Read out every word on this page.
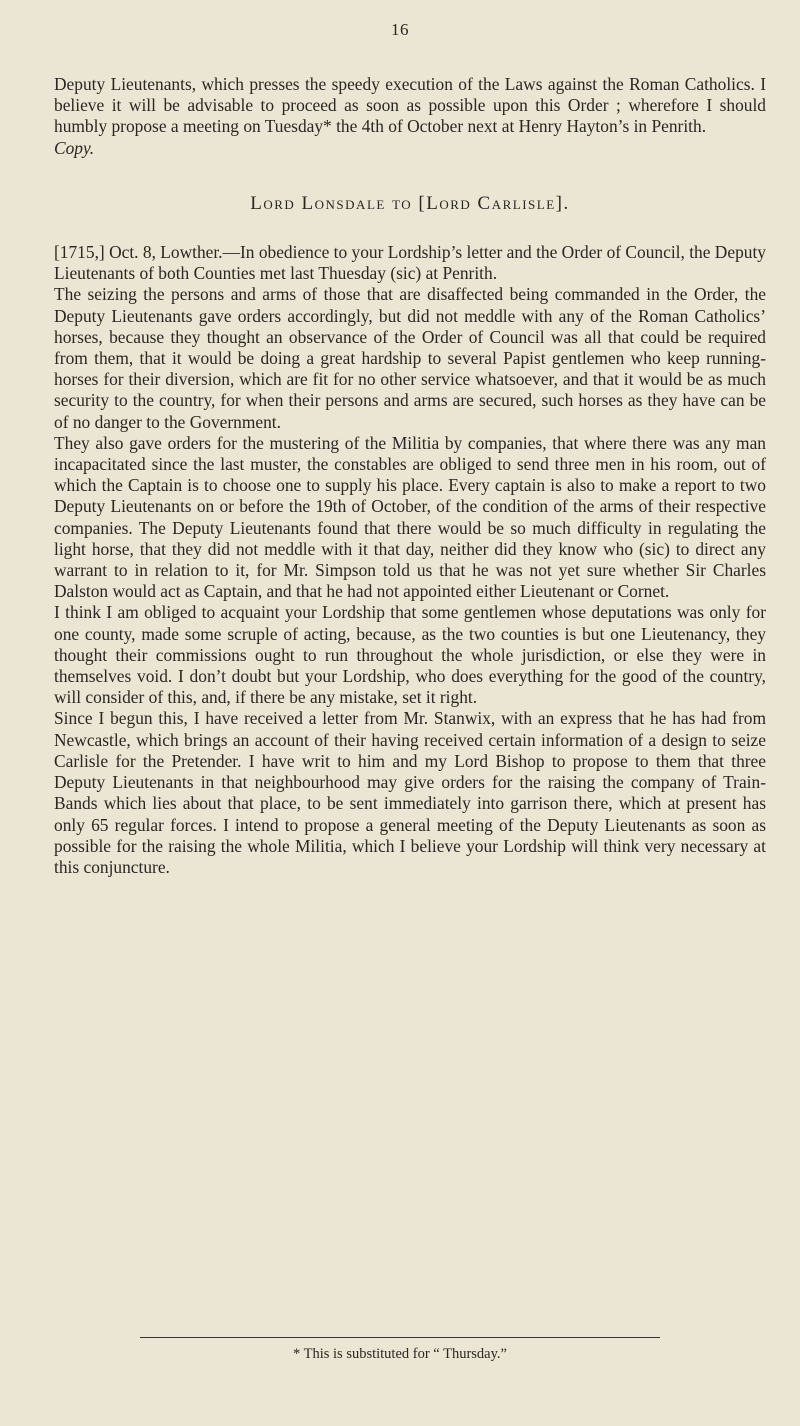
16

Deputy Lieutenants, which presses the speedy execution of the Laws against the Roman Catholics. I believe it will be advisable to proceed as soon as possible upon this Order ; wherefore I should humbly propose a meeting on Tuesday* the 4th of October next at Henry Hayton’s in Penrith.

Copy.

Lord Lonsdale to [Lord Carlisle].

[1715,] Oct. 8, Lowther.—In obedience to your Lordship’s letter and the Order of Council, the Deputy Lieutenants of both Counties met last Thuesday (sic) at Penrith.

The seizing the persons and arms of those that are disaffected being commanded in the Order, the Deputy Lieutenants gave orders accordingly, but did not meddle with any of the Roman Catholics’ horses, because they thought an observance of the Order of Council was all that could be required from them, that it would be doing a great hardship to several Papist gentlemen who keep running-horses for their diversion, which are fit for no other service whatsoever, and that it would be as much security to the country, for when their persons and arms are secured, such horses as they have can be of no danger to the Government.

They also gave orders for the mustering of the Militia by companies, that where there was any man incapacitated since the last muster, the constables are obliged to send three men in his room, out of which the Captain is to choose one to supply his place. Every captain is also to make a report to two Deputy Lieutenants on or before the 19th of October, of the condition of the arms of their respective companies. The Deputy Lieutenants found that there would be so much difficulty in regulating the light horse, that they did not meddle with it that day, neither did they know who (sic) to direct any warrant to in relation to it, for Mr. Simpson told us that he was not yet sure whether Sir Charles Dalston would act as Captain, and that he had not appointed either Lieutenant or Cornet.

I think I am obliged to acquaint your Lordship that some gentlemen whose deputations was only for one county, made some scruple of acting, because, as the two counties is but one Lieutenancy, they thought their commissions ought to run throughout the whole jurisdiction, or else they were in themselves void. I don’t doubt but your Lordship, who does everything for the good of the country, will consider of this, and, if there be any mistake, set it right.

Since I begun this, I have received a letter from Mr. Stanwix, with an express that he has had from Newcastle, which brings an account of their having received certain information of a design to seize Carlisle for the Pretender. I have writ to him and my Lord Bishop to propose to them that three Deputy Lieutenants in that neighbourhood may give orders for the raising the company of Train-Bands which lies about that place, to be sent immediately into garrison there, which at present has only 65 regular forces. I intend to propose a general meeting of the Deputy Lieutenants as soon as possible for the raising the whole Militia, which I believe your Lordship will think very necessary at this conjuncture.

* This is substituted for “ Thursday.”
